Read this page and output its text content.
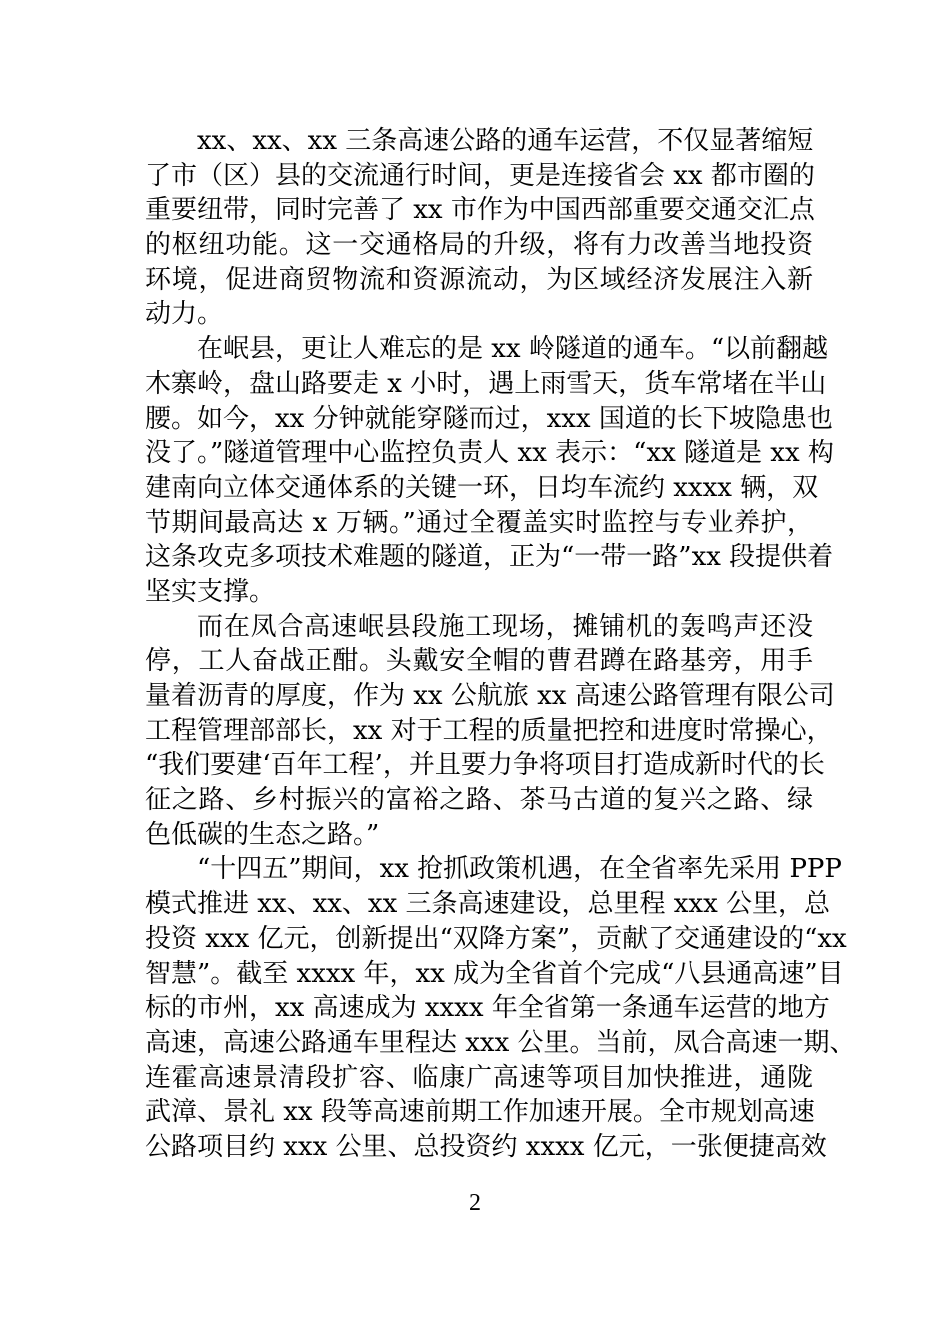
xx、xx、xx 三条高速公路的通车运营，不仅显著缩短
了市（区）县的交流通行时间，更是连接省会 xx 都市圈的
重要纽带，同时完善了 xx 市作为中国西部重要交通交汇点
的枢纽功能。这一交通格局的升级，将有力改善当地投资
环境，促进商贸物流和资源流动，为区域经济发展注入新
动力。
在岷县，更让人难忘的是 xx 岭隧道的通车。“以前翻越
木寨岭，盘山路要走 x 小时，遇上雨雪天，货车常堵在半山
腰。如今，xx 分钟就能穿隧而过，xxx 国道的长下坡隐患也
没了。”隧道管理中心监控负责人 xx 表示：“xx 隧道是 xx 构
建南向立体交通体系的关键一环，日均车流约 xxxx 辆，双
节期间最高达 x 万辆。”通过全覆盖实时监控与专业养护，
这条攻克多项技术难题的隧道，正为“一带一路”xx 段提供着
坚实支撑。
而在凤合高速岷县段施工现场，摊铺机的轰鸣声还没
停，工人奋战正酣。头戴安全帽的曹君蹲在路基旁，用手
量着沥青的厚度，作为 xx 公航旅 xx 高速公路管理有限公司
工程管理部部长，xx 对于工程的质量把控和进度时常操心，
“我们要建‘百年工程’，并且要力争将项目打造成新时代的长
征之路、乡村振兴的富裕之路、茶马古道的复兴之路、绿
色低碳的生态之路。”
“十四五”期间，xx 抢抓政策机遇，在全省率先采用 PPP
模式推进 xx、xx、xx 三条高速建设，总里程 xxx 公里，总
投资 xxx 亿元，创新提出“双降方案”，贡献了交通建设的“xx
智慧”。截至 xxxx 年，xx 成为全省首个完成“八县通高速”目
标的市州，xx 高速成为 xxxx 年全省第一条通车运营的地方
高速，高速公路通车里程达 xxx 公里。当前，凤合高速一期、
连霍高速景清段扩容、临康广高速等项目加快推进，通陇
武漳、景礼 xx 段等高速前期工作加速开展。全市规划高速
公路项目约 xxx 公里、总投资约 xxxx 亿元，一张便捷高效
2
